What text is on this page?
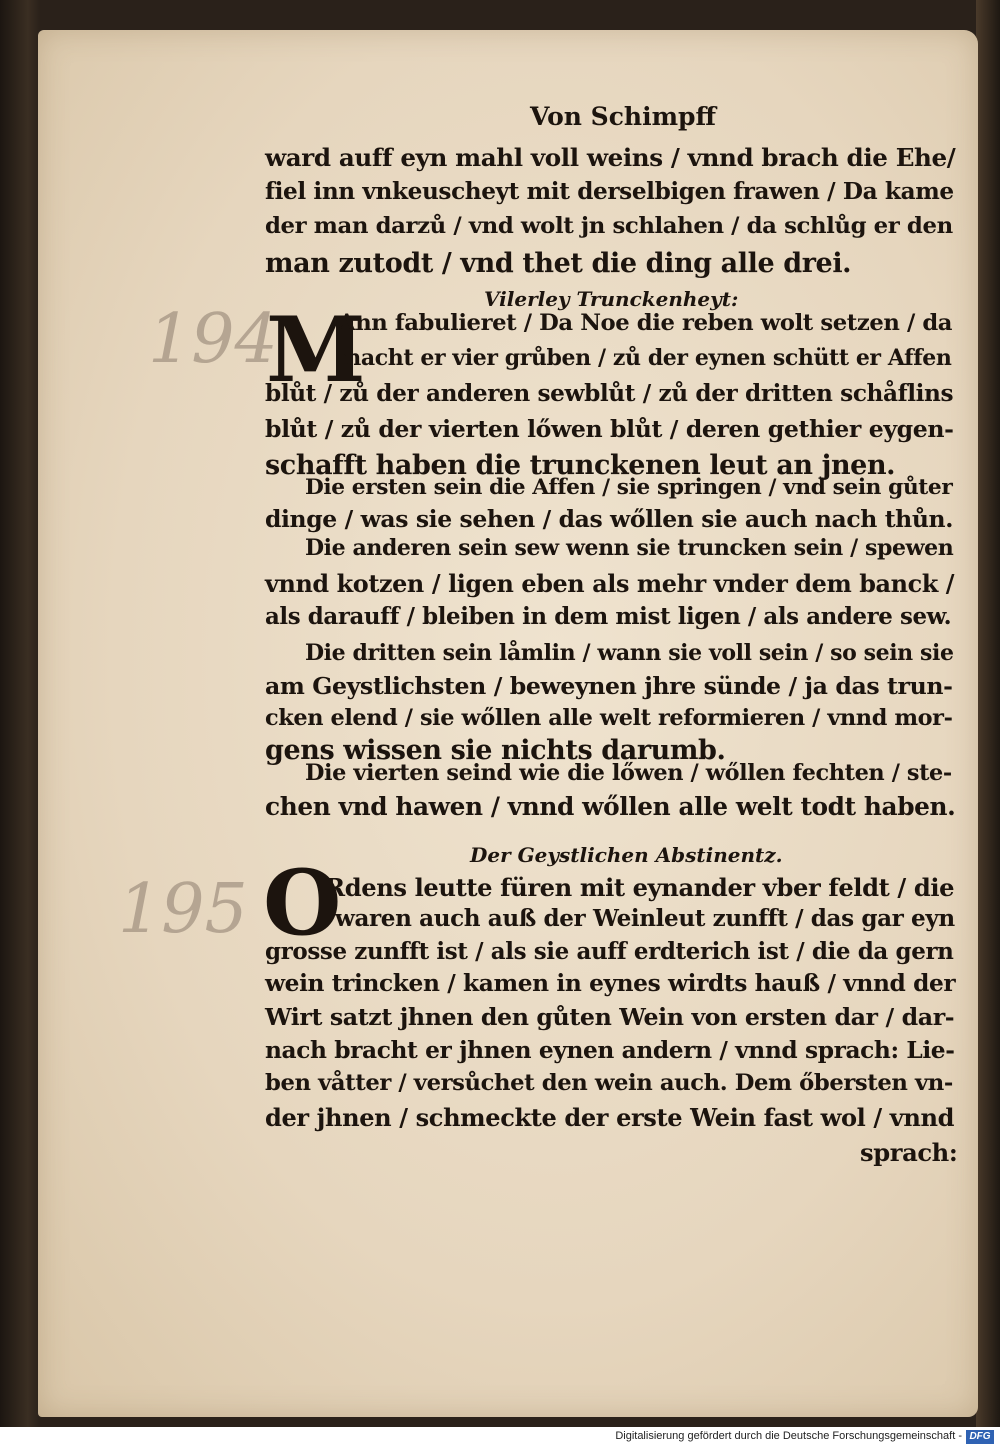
194
195
Von Schimpff
ward auff eyn mahl voll weins / vnnd brach die Ehe/
fiel inn vnkeuscheyt mit derselbigen frawen / Da kame
der man darzů / vnd wolt jn schlahen / da schlůg er den
man zutodt / vnd thet die ding alle drei.
Vilerley Trunckenheyt:
M
Ann fabulieret / Da Noe die reben wolt setzen / da
macht er vier grůben / zů der eynen schütt er Affen
blůt / zů der anderen sewblůt / zů der dritten schåflins
blůt / zů der vierten lőwen blůt / deren gethier eygen-
schafft haben die trunckenen leut an jnen.
Die ersten sein die Affen / sie springen / vnd sein gůter
dinge / was sie sehen / das wőllen sie auch nach thůn.
Die anderen sein sew wenn sie truncken sein / spewen
vnnd kotzen / ligen eben als mehr vnder dem banck /
als darauff / bleiben in dem mist ligen / als andere sew.
Die dritten sein låmlin / wann sie voll sein / so sein sie
am Geystlichsten / beweynen jhre sünde / ja das trun-
cken elend / sie wőllen alle welt reformieren / vnnd mor-
gens wissen sie nichts darumb.
Die vierten seind wie die lőwen / wőllen fechten / ste-
chen vnd hawen / vnnd wőllen alle welt todt haben.
Der Geystlichen Abstinentz.
O
Rdens leutte füren mit eynander vber feldt / die
waren auch auß der Weinleut zunfft / das gar eyn
grosse zunfft ist / als sie auff erdterich ist / die da gern
wein trincken / kamen in eynes wirdts hauß / vnnd der
Wirt satzt jhnen den gůten Wein von ersten dar / dar-
nach bracht er jhnen eynen andern / vnnd sprach: Lie-
ben våtter / versůchet den wein auch. Dem őbersten vn-
der jhnen / schmeckte der erste Wein fast wol / vnnd
sprach:
Digitalisierung gefördert durch die Deutsche Forschungsgemeinschaft - DFG
